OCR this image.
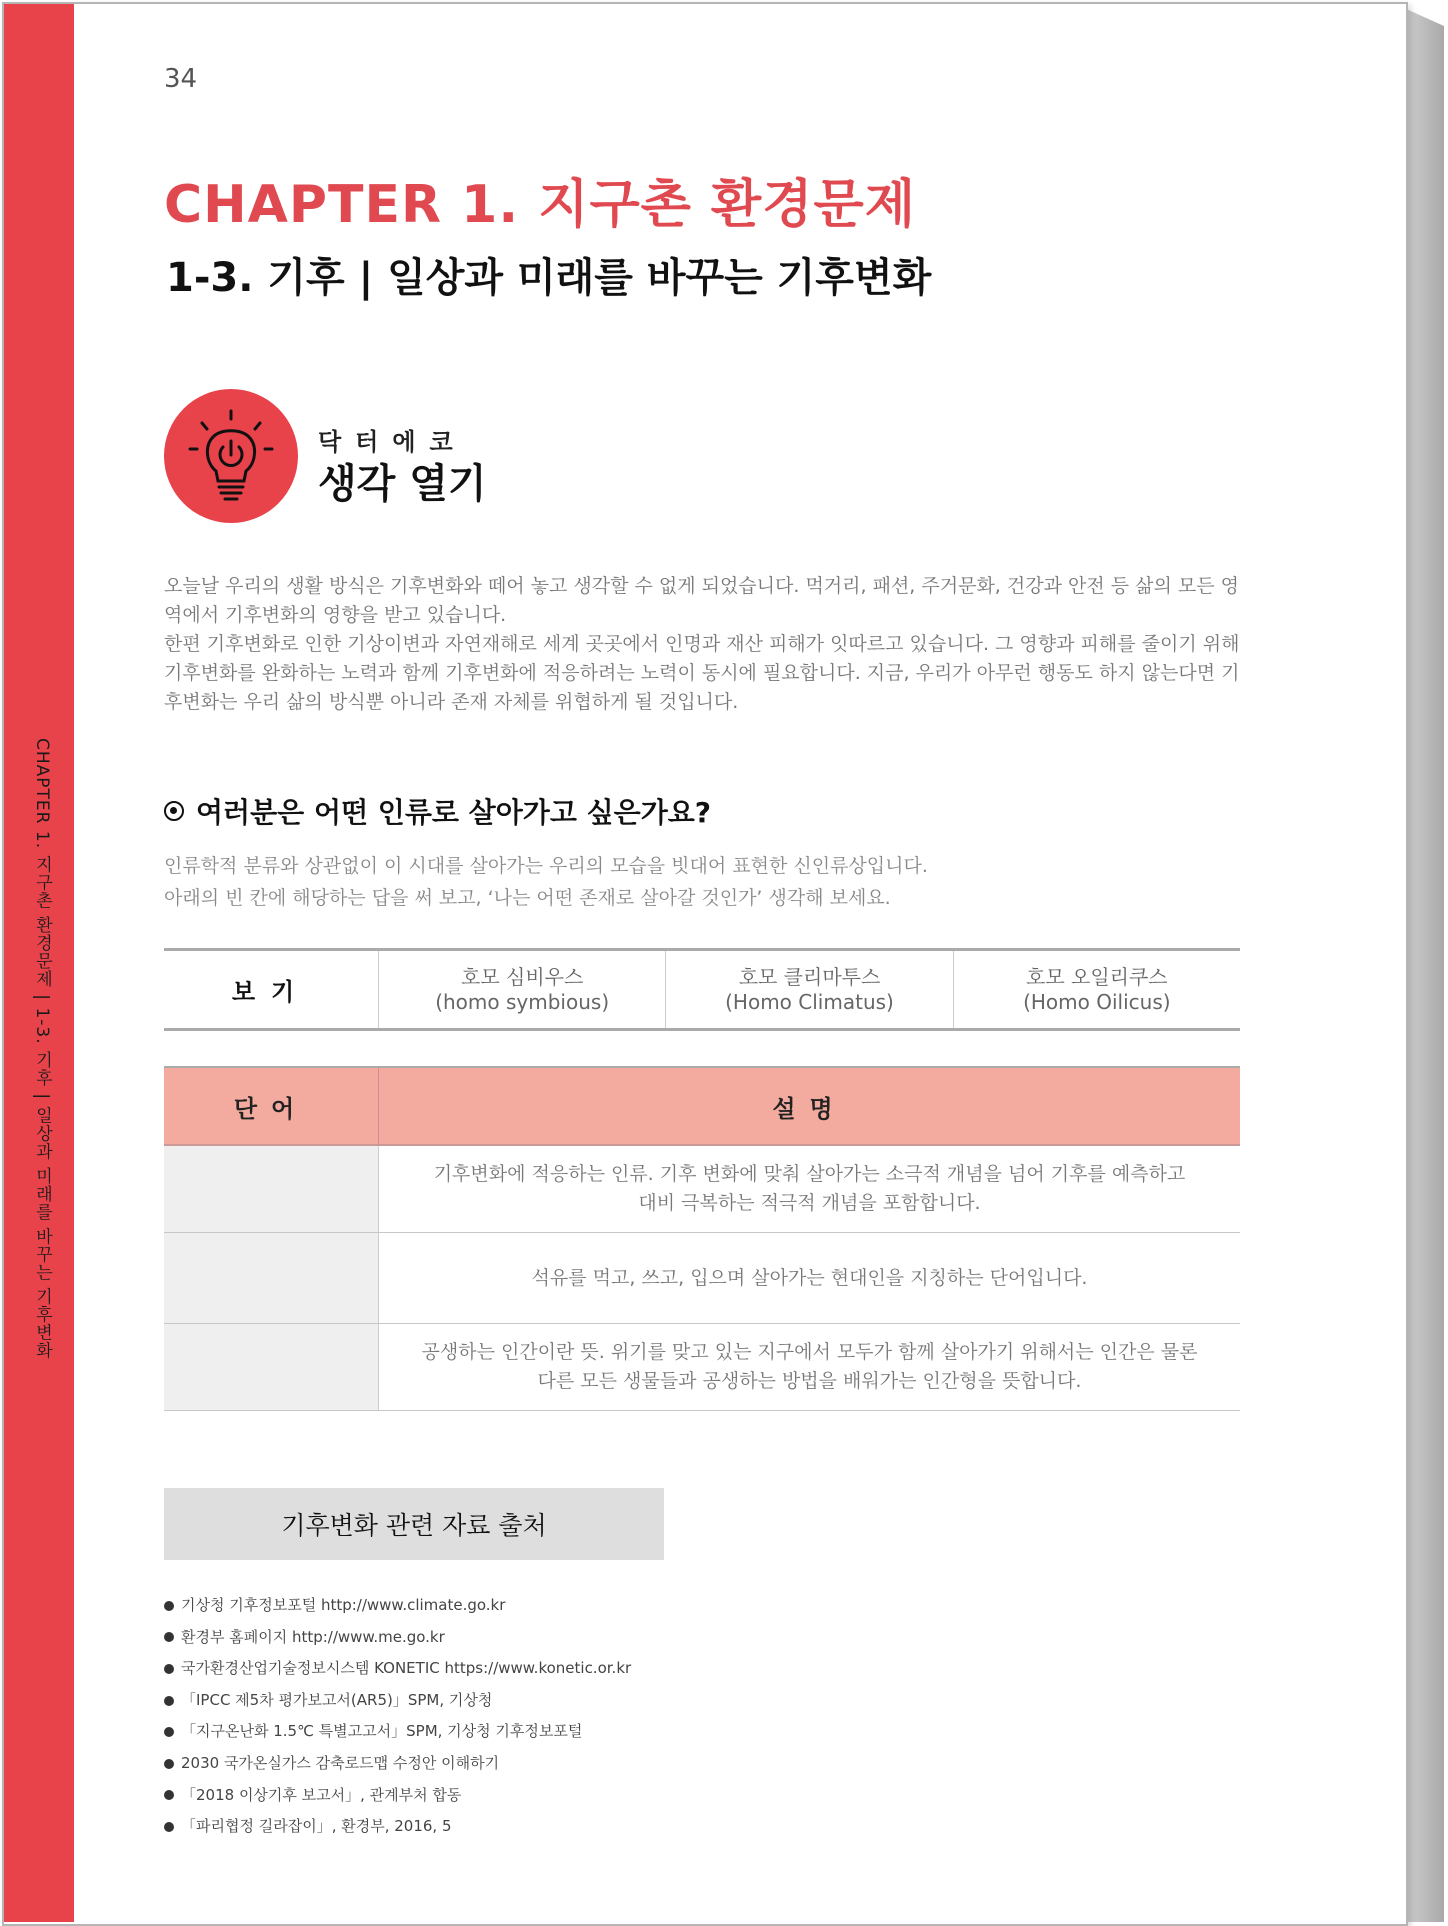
CHAPTER 1. 지구촌 환경문제 | 1-3. 기후 | 일상과 미래를 바꾸는 기후변화
34
CHAPTER 1. 지구촌 환경문제
1-3. 기후 | 일상과 미래를 바꾸는 기후변화
닥터에코
생각 열기

오늘날 우리의 생활 방식은 기후변화와 떼어 놓고 생각할 수 없게 되었습니다. 먹거리, 패션, 주거문화, 건강과 안전 등 삶의 모든 영역에서 기후변화의 영향을 받고 있습니다.

한편 기후변화로 인한 기상이변과 자연재해로 세계 곳곳에서 인명과 재산 피해가 잇따르고 있습니다. 그 영향과 피해를 줄이기 위해 기후변화를 완화하는 노력과 함께 기후변화에 적응하려는 노력이 동시에 필요합니다. 지금, 우리가 아무런 행동도 하지 않는다면 기후변화는 우리 삶의 방식뿐 아니라 존재 자체를 위협하게 될 것입니다.

여러분은 어떤 인류로 살아가고 싶은가요?

인류학적 분류와 상관없이 이 시대를 살아가는 우리의 모습을 빗대어 표현한 신인류상입니다.

아래의 빈 칸에 해당하는 답을 써 보고, ‘나는 어떤 존재로 살아갈 것인가’ 생각해 보세요.

보기
호모 심비우스
(homo symbious)
호모 클리마투스
(Homo Climatus)
호모 오일리쿠스
(Homo Oilicus)
단어	설명
기후변화에 적응하는 인류. 기후 변화에 맞춰 살아가는 소극적 개념을 넘어 기후를 예측하고
대비 극복하는 적극적 개념을 포함합니다.
석유를 먹고, 쓰고, 입으며 살아가는 현대인을 지칭하는 단어입니다.
공생하는 인간이란 뜻. 위기를 맞고 있는 지구에서 모두가 함께 살아가기 위해서는 인간은 물론
다른 모든 생물들과 공생하는 방법을 배워가는 인간형을 뜻합니다.
기후변화 관련 자료 출처
기상청 기후정보포털 http://www.climate.go.kr
환경부 홈페이지 http://www.me.go.kr
국가환경산업기술정보시스템 KONETIC https://www.konetic.or.kr
「IPCC 제5차 평가보고서(AR5)」SPM, 기상청
「지구온난화 1.5℃ 특별고고서」SPM, 기상청 기후정보포털
2030 국가온실가스 감축로드맵 수정안 이해하기
「2018 이상기후 보고서」, 관계부처 합동
「파리협정 길라잡이」, 환경부, 2016, 5
